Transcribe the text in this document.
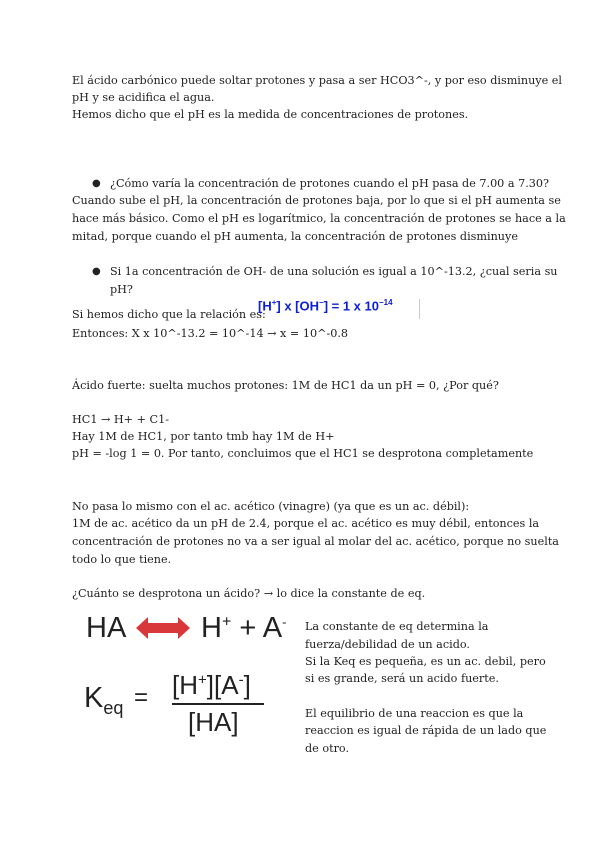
El ácido carbónico puede soltar protones y pasa a ser HCO3^-, y por eso disminuye el
pH y se acidifica el agua.
Hemos dicho que el pH es la medida de concentraciones de protones.
● ¿Cómo varía la concentración de protones cuando el pH pasa de 7.00 a 7.30?
Cuando sube el pH, la concentración de protones baja, por lo que si el pH aumenta se
hace más básico. Como el pH es logarítmico, la concentración de protones se hace a la
mitad, porque cuando el pH aumenta, la concentración de protones disminuye
● Si 1a concentración de OH- de una solución es igual a 10^-13.2, ¿cual seria su
pH?
Si hemos dicho que la relación es:
[H+] x [OH−] = 1 x $10^{-14}$
Entonces: X x 10^-13.2 = 10^-14 → x = 10^-0.8
Ácido fuerte: suelta muchos protones: 1M de HC1 da un pH = 0, ¿Por qué?
HC1 → H+ + C1-
Hay 1M de HC1, por tanto tmb hay 1M de H+
pH = -log 1 = 0. Por tanto, concluimos que el HC1 se desprotona completamente
No pasa lo mismo con el ac. acético (vinagre) (ya que es un ac. débil):
1M de ac. acético da un pH de 2.4, porque el ac. acético es muy débil, entonces la
concentración de protones no va a ser igual al molar del ac. acético, porque no suelta
todo lo que tiene.
¿Cuánto se desprotona un ácido? → lo dice la constante de eq.
HA	H+ + A-
$K_{eq} = [H^+][A^-]$
[HA]
La constante de eq determina la
fuerza/debilidad de un acido.
Si la Keq es pequeña, es un ac. debil, pero
si es grande, será un acido fuerte.
El equilibrio de una reaccion es que la
reaccion es igual de rápida de un lado que
de otro.
